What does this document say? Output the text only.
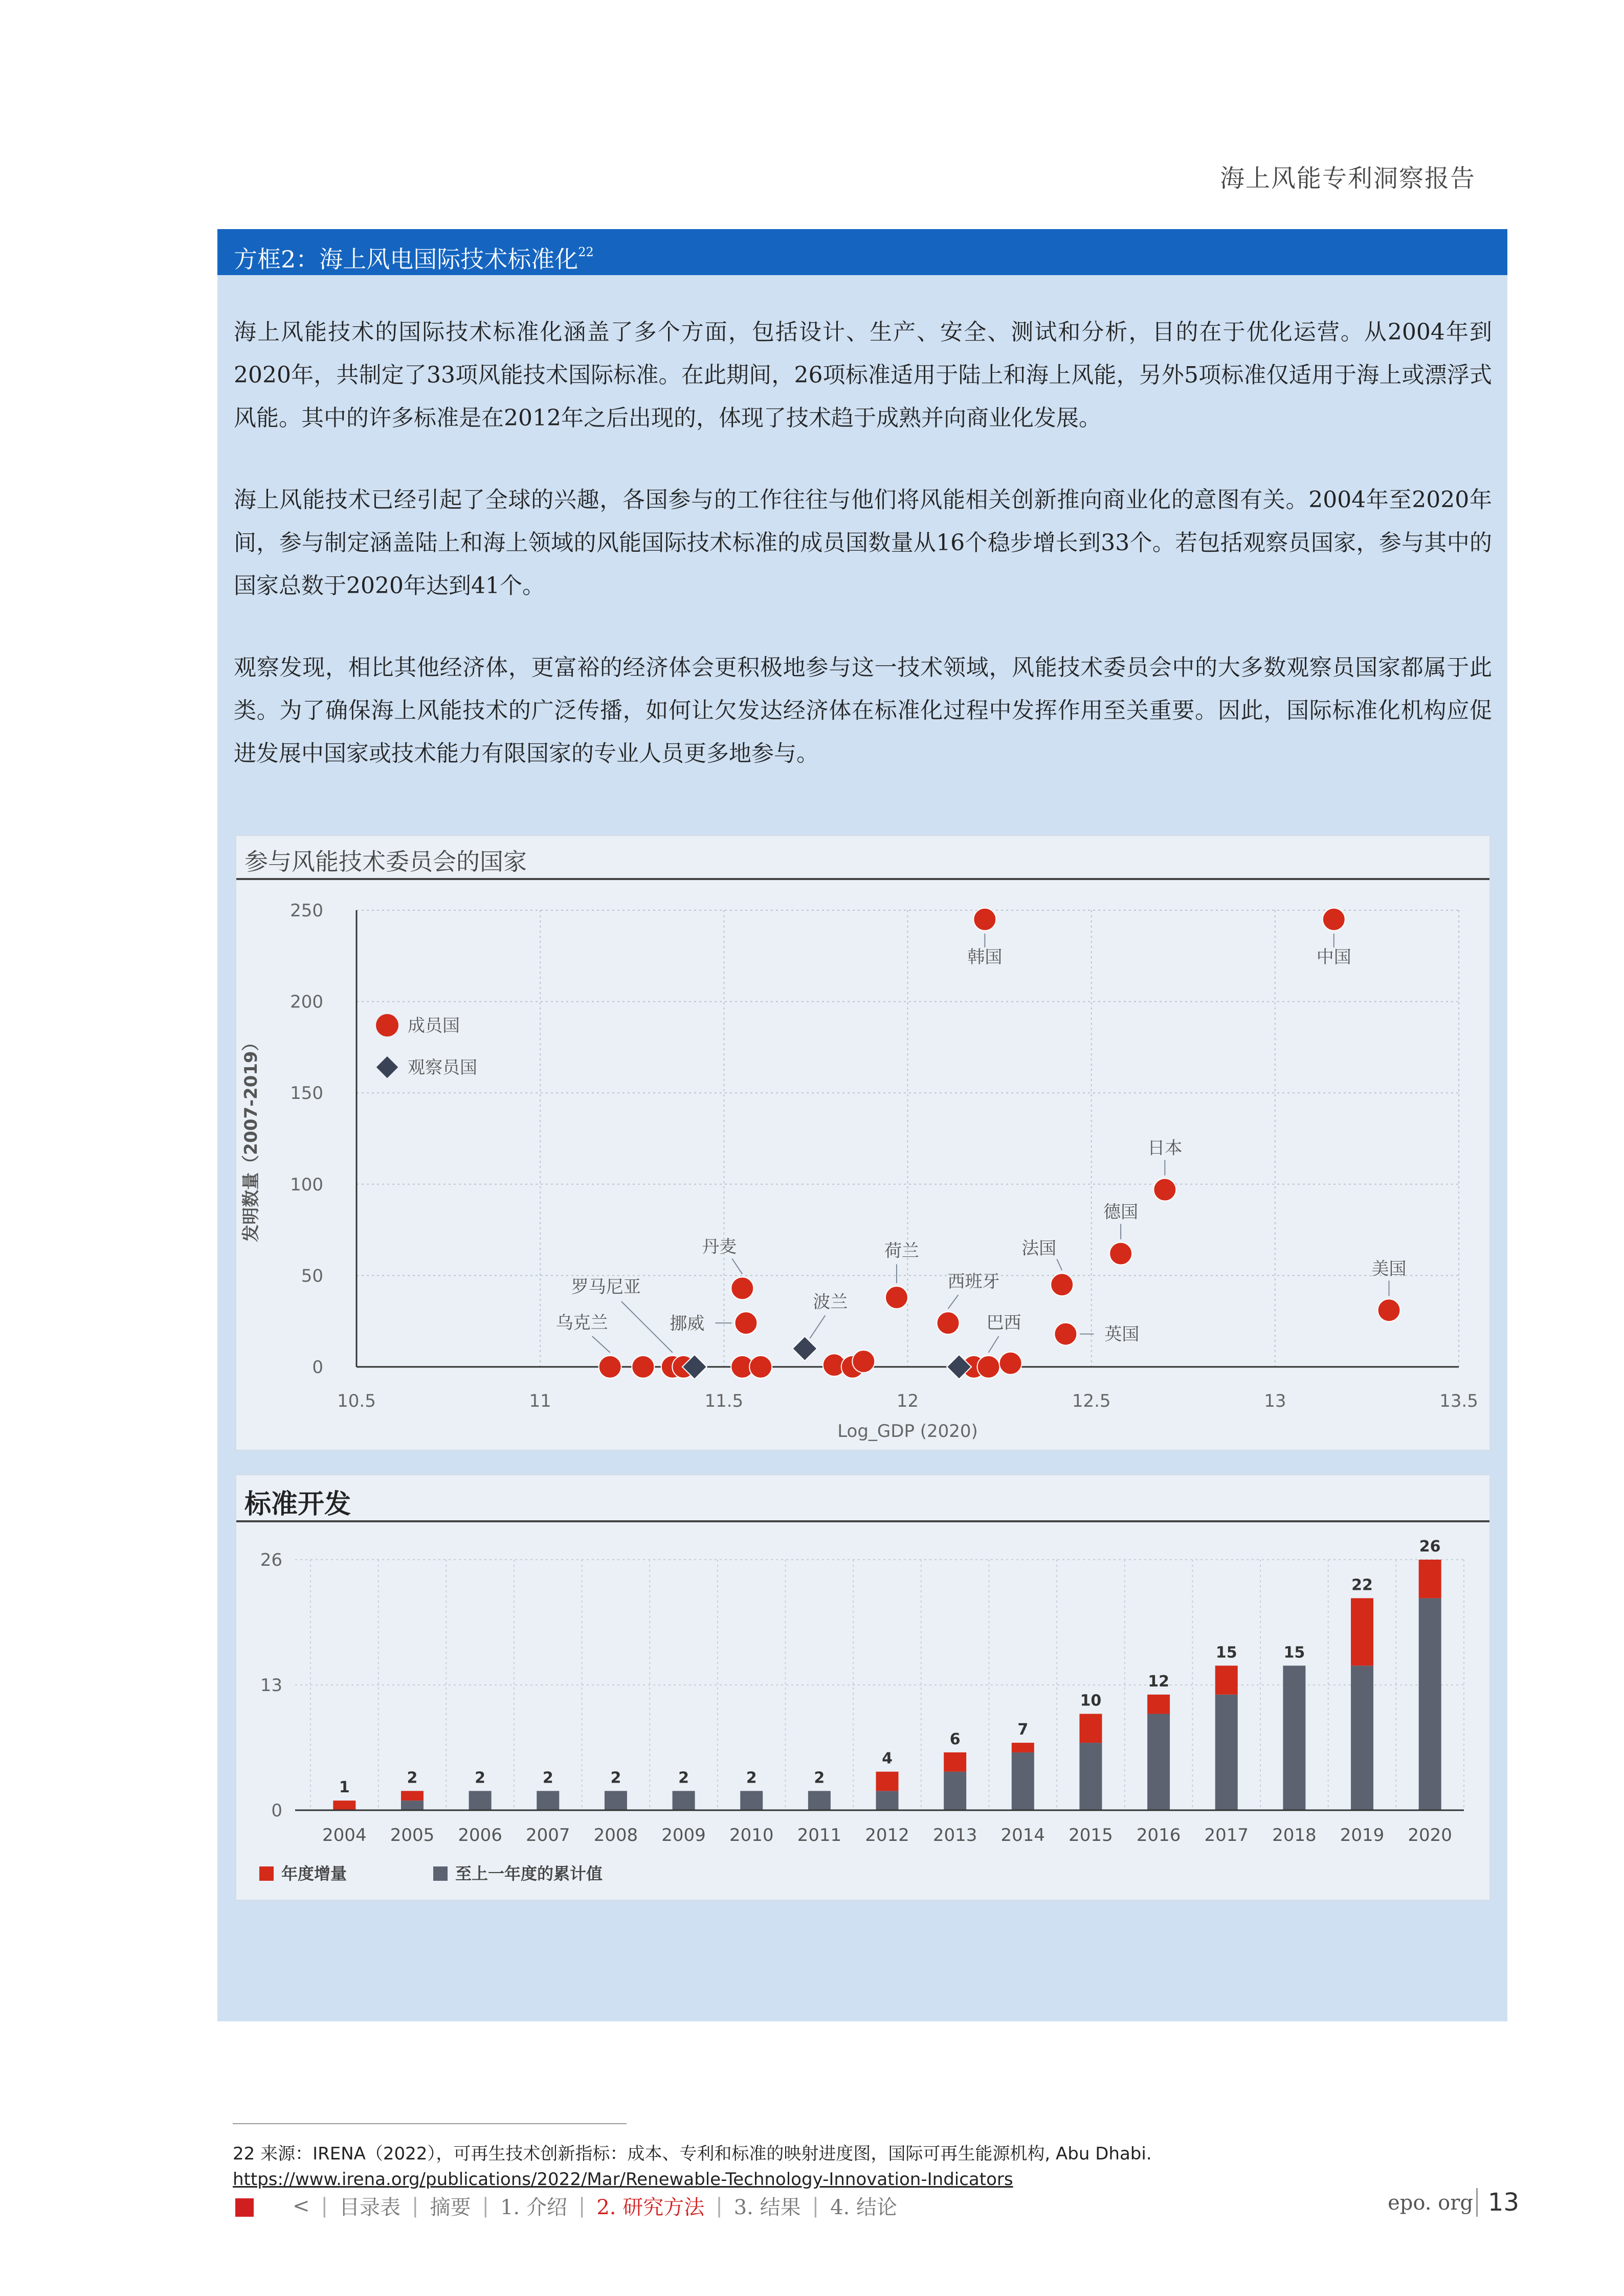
海上风能专利洞察报告
方框2：海上风电国际技术标准化$^{22}$
海上风能技术的国际技术标准化涵盖了多个方面，包括设计、生产、安全、测试和分析，目的在于优化运营。从2004年到2020年，共制定了33项风能技术国际标准。在此期间，26项标准适用于陆上和海上风能，另外5项标准仅适用于海上或漂浮式风能。其中的许多标准是在2012年之后出现的，体现了技术趋于成熟并向商业化发展。
海上风能技术已经引起了全球的兴趣，各国参与的工作往往与他们将风能相关创新推向商业化的意图有关。2004年至2020年间，参与制定涵盖陆上和海上领域的风能国际技术标准的成员国数量从16个稳步增长到33个。若包括观察员国家，参与其中的国家总数于2020年达到41个。
观察发现，相比其他经济体，更富裕的经济体会更积极地参与这一技术领域，风能技术委员会中的大多数观察员国家都属于此类。为了确保海上风能技术的广泛传播，如何让欠发达经济体在标准化过程中发挥作用至关重要。因此，国际标准化机构应促进发展中国家或技术能力有限国家的专业人员更多地参与。
参与风能技术委员会的国家
0
50
100
150
200
250
10.5	11	11.5	12	12.5	13	13.5
Log_GDP (2020)
发明数量（2007-2019）
成员国
观察员国
韩国	中国
日本
德国
美国
法国
英国
荷兰
西班牙
巴西
丹麦
挪威
波兰
罗马尼亚
乌克兰
标准开发
0
13
26
1
2004
2
2005
2
2006
2
2007
2
2008
2
2009
2
2010
2
2011
4
2012
6
2013
7
2014
10
2015
12
2016
15
2017
15
2018
22
2019
26
2020
年度增量	至上一年度的累计值
22 来源：IRENA（2022），可再生技术创新指标：成本、专利和标准的映射进度图，国际可再生能源机构, Abu Dhabi.
https://www.irena.org/publications/2022/Mar/Renewable-Technology-Innovation-Indicators
< | 目录表 | 摘要 | 1. 介绍 | 2. 研究方法 | 3. 结果 | 4. 结论	epo. org 13
